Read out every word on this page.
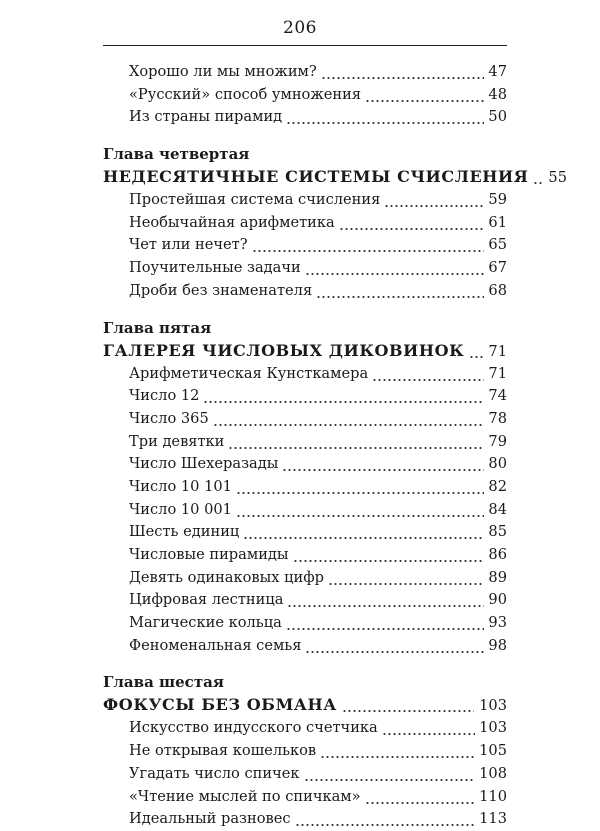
206
Хорошо ли мы множим?	47
«Русский» способ умножения	48
Из страны пирамид	50
Глава четвертая
НЕДЕСЯТИЧНЫЕ СИСТЕМЫ СЧИСЛЕНИЯ 55
Простейшая система счисления	59
Необычайная арифметика	61
Чет или нечет?	65
Поучительные задачи	67
Дроби без знаменателя	68
Глава пятая
ГАЛЕРЕЯ ЧИСЛОВЫХ ДИКОВИНОК 71
Арифметическая Кунсткамера	71
Число 12	74
Число 365	78
Три девятки	79
Число Шехеразады	80
Число 10 101	82
Число 10 001	84
Шесть единиц	85
Числовые пирамиды	86
Девять одинаковых цифр	89
Цифровая лестница	90
Магические кольца	93
Феноменальная семья	98
Глава шестая
ФОКУСЫ БЕЗ ОБМАНА	103
Искусство индусского счетчика	103
Не открывая кошельков	105
Угадать число спичек	108
«Чтение мыслей по спичкам»	110
Идеальный разновес	113
